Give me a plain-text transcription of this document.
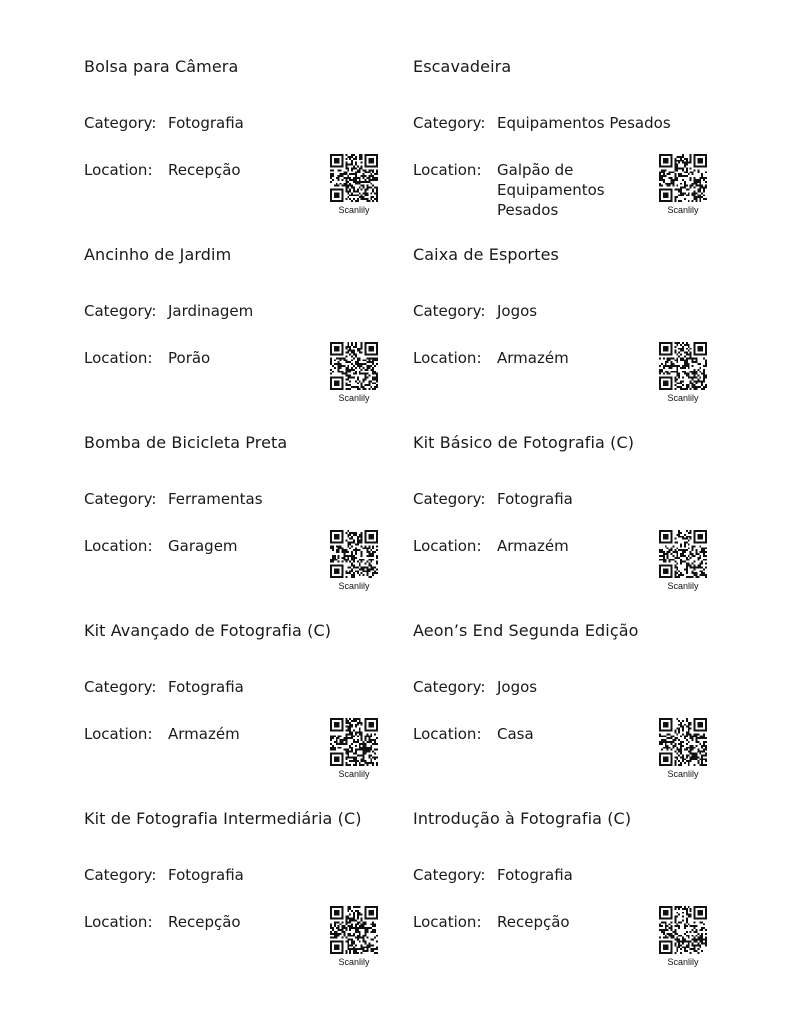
Bolsa para Câmera
Category: Fotografia
Location: Recepção
Scanlily
Escavadeira
Category: Equipamentos Pesados
Location: Galpão de Equipamentos Pesados	Scanlily
Ancinho de Jardim
Category: Jardinagem
Location: Porão
Scanlily
Caixa de Esportes
Category: Jogos
Location: Armazém
Scanlily
Bomba de Bicicleta Preta
Category: Ferramentas
Location: Garagem
Scanlily
Kit Básico de Fotografia (C)
Category: Fotografia
Location: Armazém
Scanlily
Kit Avançado de Fotografia (C)
Category: Fotografia
Location: Armazém
Scanlily
Aeon’s End Segunda Edição
Category: Jogos
Location: Casa
Scanlily
Kit de Fotografia Intermediária (C)
Category: Fotografia
Location: Recepção
Scanlily
Introdução à Fotografia (C)
Category: Fotografia
Location: Recepção
Scanlily
